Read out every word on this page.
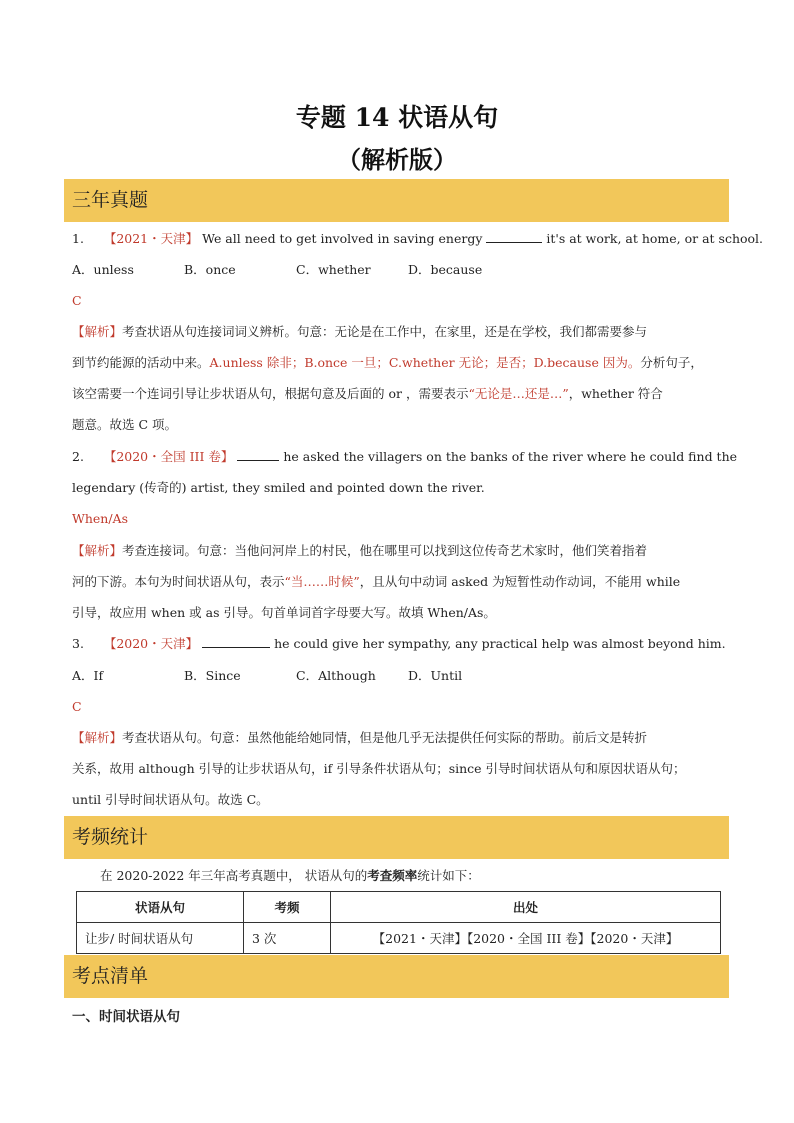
专题 14 状语从句
（解析版）
三年真题
1. 【2021・天津】 We all need to get involved in saving energy	it's at work, at home, or at school.
A．unless	B．once	C．whether	D．because
C
【解析】考查状语从句连接词词义辨析。句意：无论是在工作中，在家里，还是在学校，我们都需要参与
到节约能源的活动中来。A.unless 除非；B.once 一旦；C.whether 无论；是否；D.because 因为。分析句子，
该空需要一个连词引导让步状语从句，根据句意及后面的 or ，需要表示“无论是…还是…”，whether 符合
题意。故选 C 项。
2. 【2020・全国 III 卷】	he asked the villagers on the banks of the river where he could find the
legendary (传奇的) artist, they smiled and pointed down the river.
When/As
【解析】考查连接词。句意：当他问河岸上的村民，他在哪里可以找到这位传奇艺术家时，他们笑着指着
河的下游。本句为时间状语从句，表示“当……时候”，且从句中动词 asked 为短暂性动作动词，不能用 while
引导，故应用 when 或 as 引导。句首单词首字母要大写。故填 When/As。
3. 【2020・天津】	he could give her sympathy, any practical help was almost beyond him.
A．If	B．Since	C．Although	D．Until
C
【解析】考查状语从句。句意：虽然他能给她同情，但是他几乎无法提供任何实际的帮助。前后文是转折
关系，故用 although 引导的让步状语从句，if 引导条件状语从句；since 引导时间状语从句和原因状语从句；
until 引导时间状语从句。故选 C。
考频统计
在 2020-2022 年三年高考真题中， 状语从句的考查频率统计如下：
状语从句	考频	出处
让步/ 时间状语从句	3 次	【2021・天津】【2020・全国 III 卷】【2020・天津】
考点清单
一、时间状语从句
